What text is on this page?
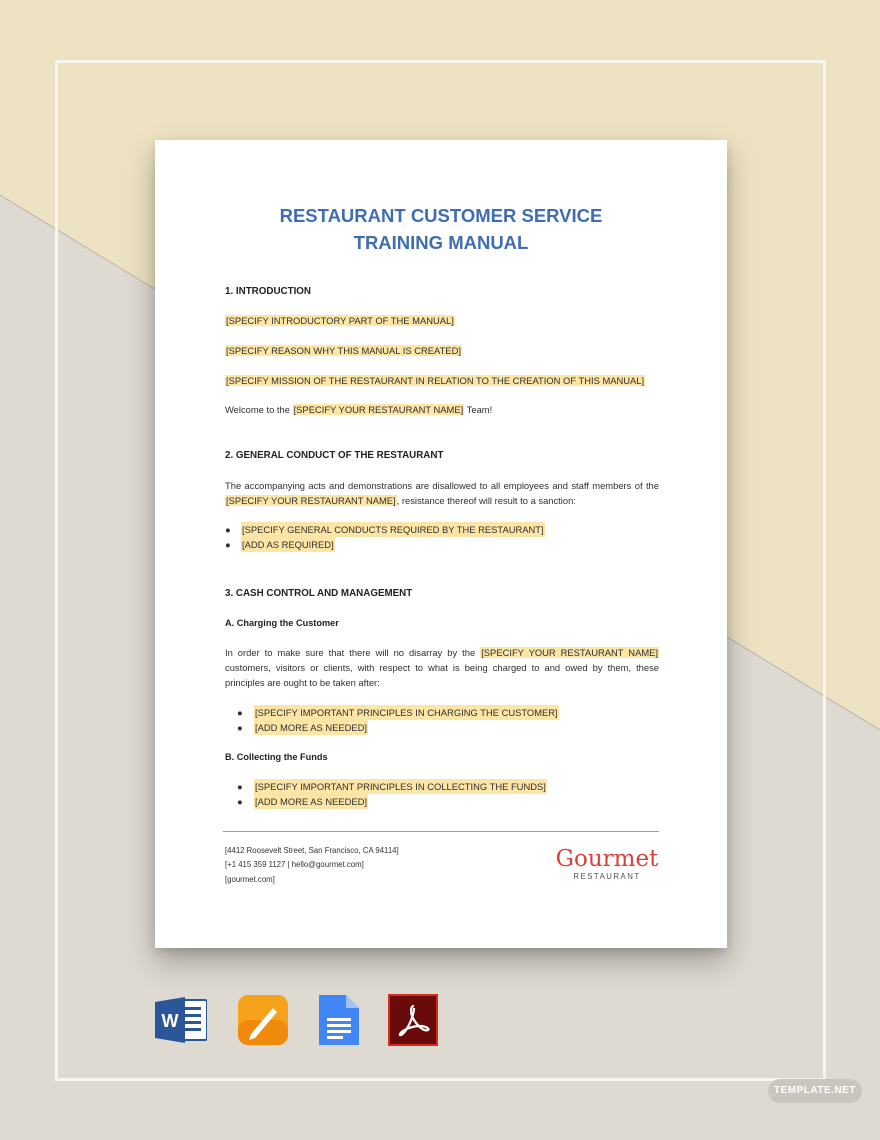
RESTAURANT CUSTOMER SERVICE
TRAINING MANUAL
1. INTRODUCTION
[SPECIFY INTRODUCTORY PART OF THE MANUAL]
[SPECIFY REASON WHY THIS MANUAL IS CREATED]
[SPECIFY MISSION OF THE RESTAURANT IN RELATION TO THE CREATION OF THIS MANUAL]
Welcome to the [SPECIFY YOUR RESTAURANT NAME] Team!
2. GENERAL CONDUCT OF THE RESTAURANT
The accompanying acts and demonstrations are disallowed to all employees and staff members of the [SPECIFY YOUR RESTAURANT NAME], resistance thereof will result to a sanction:
● [SPECIFY GENERAL CONDUCTS REQUIRED BY THE RESTAURANT]
● [ADD AS REQUIRED]
3. CASH CONTROL AND MANAGEMENT
A. Charging the Customer
In order to make sure that there will no disarray by the [SPECIFY YOUR RESTAURANT NAME] customers, visitors or clients, with respect to what is being charged to and owed by them, these principles are ought to be taken after:
● [SPECIFY IMPORTANT PRINCIPLES IN CHARGING THE CUSTOMER]
● [ADD MORE AS NEEDED]
B. Collecting the Funds
● [SPECIFY IMPORTANT PRINCIPLES IN COLLECTING THE FUNDS]
● [ADD MORE AS NEEDED]
[4412 Roosevelt Street, San Francisco, CA 94114]
[+1 415 359 1127 | hello@gourmet.com]
[gourmet.com]
Gourmet
RESTAURANT
W
TEMPLATE.NET
